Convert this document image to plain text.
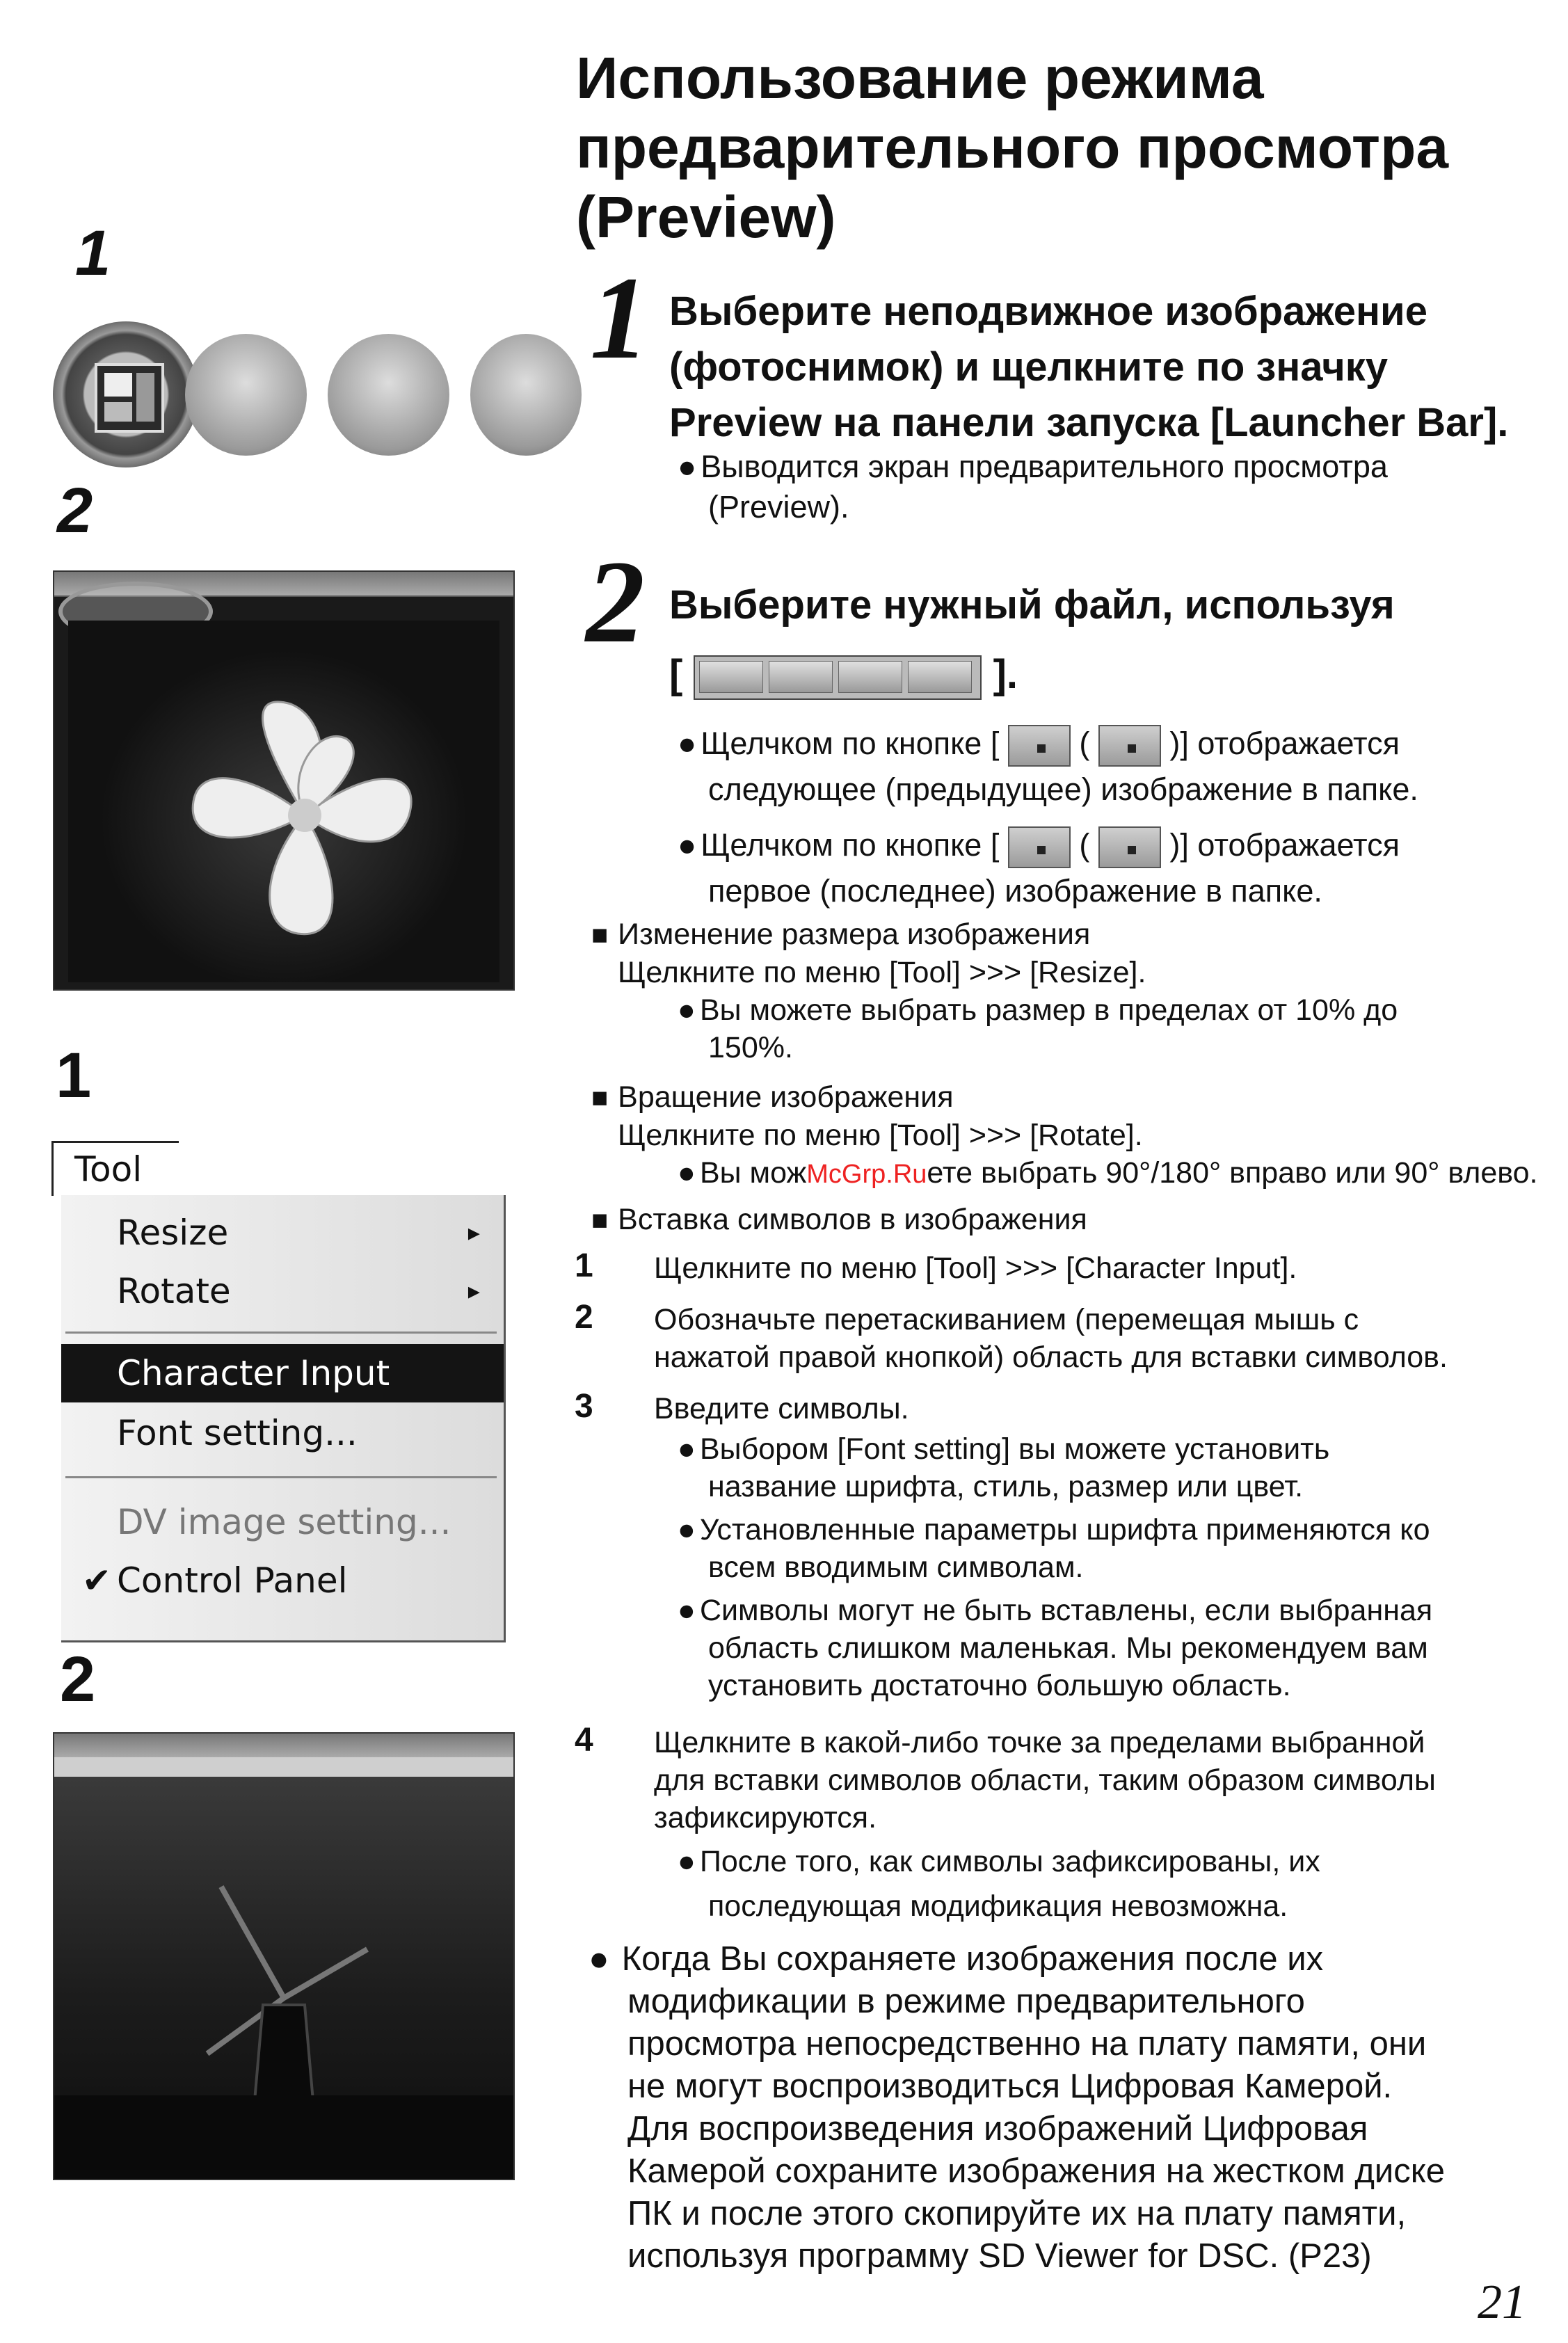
1
2
1
Tool
Resize	▸
Rotate	▸
Character Input
Font setting...
DV image setting...
✔ Control Panel
2
Использование режима
предварительного просмотра
(Preview)
1 Выберите неподвижное изображение
(фотоснимок) и щелкните по значку
Preview на панели запуска [Launcher Bar].
● Выводится экран предварительного просмотра
(Preview).
2 Выберите нужный файл, используя
[	].
● Щелчком по кнопке [	(	)] отображается
следующее (предыдущее) изображение в папке.
● Щелчком по кнопке [	(	)] отображается
первое (последнее) изображение в папке.
■ Изменение размера изображения
Щелкните по меню [Tool] >>> [Resize].
● Вы можете выбрать размер в пределах от 10% до
150%.
■ Вращение изображения
Щелкните по меню [Tool] >>> [Rotate].
● Вы можMcGrp.Ruете выбрать 90°/180° вправо или 90° влево.
■ Вставка символов в изображения
1 Щелкните по меню [Tool] >>> [Character Input].
2 Обозначьте перетаскиванием (перемещая мышь с
нажатой правой кнопкой) область для вставки символов.
3 Введите символы.
● Выбором [Font setting] вы можете установить
название шрифта, стиль, размер или цвет.
● Установленные параметры шрифта применяются ко
всем вводимым символам.
● Символы могут не быть вставлены, если выбранная
область слишком маленькая. Мы рекомендуем вам
установить достаточно большую область.
4 Щелкните в какой-либо точке за пределами выбранной
для вставки символов области, таким образом символы
зафиксируются.
● После того, как символы зафиксированы, их
последующая модификация невозможна.
● Когда Вы сохраняете изображения после их
модификации в режиме предварительного
просмотра непосредственно на плату памяти, они
не могут воспроизводиться Цифровая Камерой.
Для воспроизведения изображений Цифровая
Камерой сохраните изображения на жестком диске
ПК и после этого скопируйте их на плату памяти,
используя программу SD Viewer for DSC. (P23)
21
